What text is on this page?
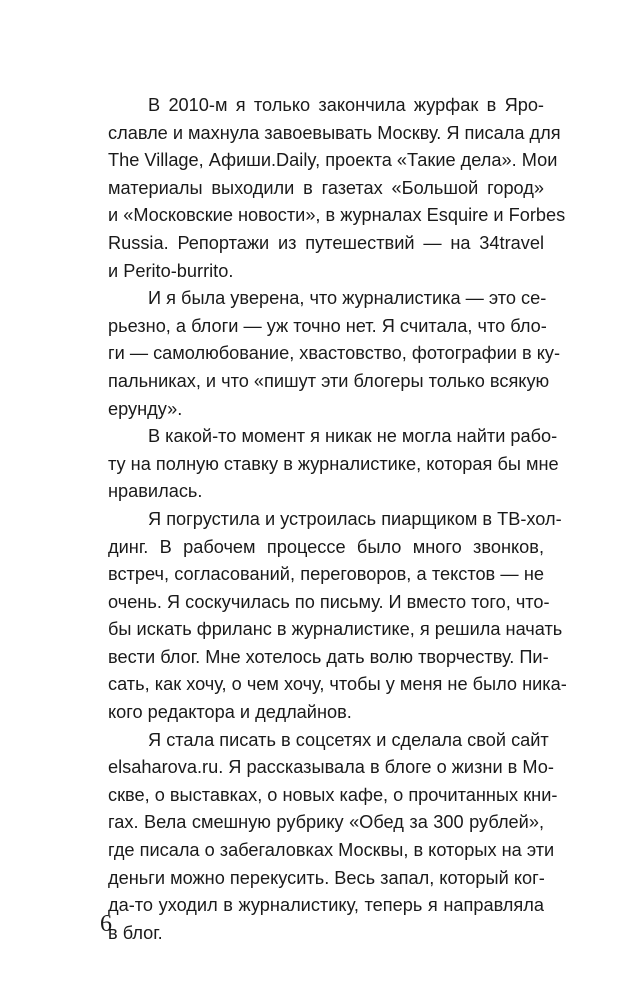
В 2010-м я только закончила журфак в Яро-
славле и махнула завоевывать Москву. Я писала для
The Village, Афиши.Daily, проекта «Такие дела». Мои
материалы выходили в газетах «Большой город»
и «Московские новости», в журналах Esquire и Forbes
Russia. Репортажи из путешествий — на 34travel
и Perito-burrito.
И я была уверена, что журналистика — это се-
рьезно, а блоги — уж точно нет. Я считала, что бло-
ги — самолюбование, хвастовство, фотографии в ку-
пальниках, и что «пишут эти блогеры только всякую
ерунду».
В какой-то момент я никак не могла найти рабо-
ту на полную ставку в журналистике, которая бы мне
нравилась.
Я погрустила и устроилась пиарщиком в ТВ-хол-
динг. В рабочем процессе было много звонков,
встреч, согласований, переговоров, а текстов — не
очень. Я соскучилась по письму. И вместо того, что-
бы искать фриланс в журналистике, я решила начать
вести блог. Мне хотелось дать волю творчеству. Пи-
сать, как хочу, о чем хочу, чтобы у меня не было ника-
кого редактора и дедлайнов.
Я стала писать в соцсетях и сделала свой сайт
elsaharova.ru. Я рассказывала в блоге о жизни в Мо-
скве, о выставках, о новых кафе, о прочитанных кни-
гах. Вела смешную рубрику «Обед за 300 рублей»,
где писала о забегаловках Москвы, в которых на эти
деньги можно перекусить. Весь запал, который ког-
да-то уходил в журналистику, теперь я направляла
в блог.
6
